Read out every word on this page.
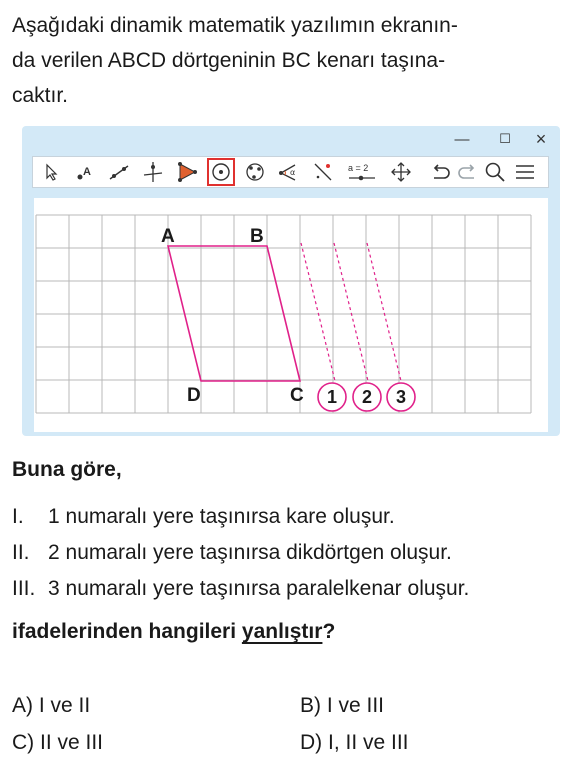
Aşağıdaki dinamik matematik yazılımın ekranın-
da verilen ABCD dörtgeninin BC kenarı taşına-
caktır.
—	☐	×
A	α	a = 2
A	B
C
D	1 2 3
Buna göre,
I. 1 numaralı yere taşınırsa kare oluşur.
II. 2 numaralı yere taşınırsa dikdörtgen oluşur.
III. 3 numaralı yere taşınırsa paralelkenar oluşur.
ifadelerinden hangileri yanlıştır?
A) I ve II	B) I ve III
C) II ve III	D) I, II ve III
